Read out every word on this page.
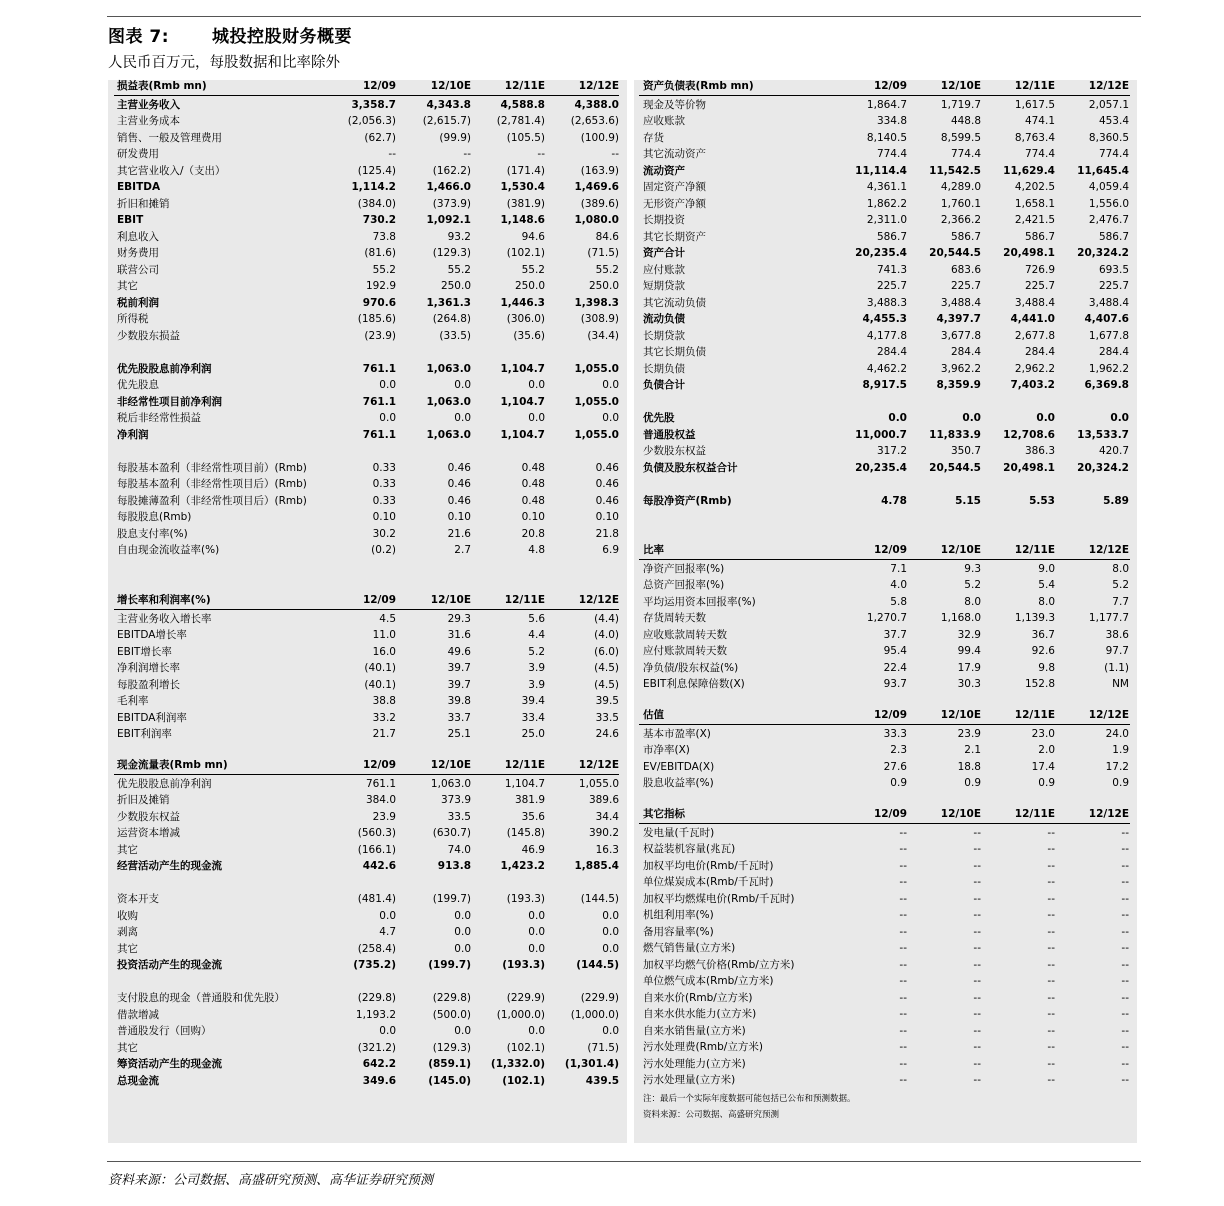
图表 7:	城投控股财务概要
人民币百万元，每股数据和比率除外
损益表(Rmb mn)	12/09	12/10E	12/11E	12/12E
主营业务收入	3,358.7	4,343.8	4,588.8	4,388.0
主营业务成本	(2,056.3)	(2,615.7)	(2,781.4)	(2,653.6)
销售、一般及管理费用	(62.7)	(99.9)	(105.5)	(100.9)
研发费用	--	--	--	--
其它营业收入/（支出）	(125.4)	(162.2)	(171.4)	(163.9)
EBITDA	1,114.2	1,466.0	1,530.4	1,469.6
折旧和摊销	(384.0)	(373.9)	(381.9)	(389.6)
EBIT	730.2	1,092.1	1,148.6	1,080.0
利息收入	73.8	93.2	94.6	84.6
财务费用	(81.6)	(129.3)	(102.1)	(71.5)
联营公司	55.2	55.2	55.2	55.2
其它	192.9	250.0	250.0	250.0
税前利润	970.6	1,361.3	1,446.3	1,398.3
所得税	(185.6)	(264.8)	(306.0)	(308.9)
少数股东损益	(23.9)	(33.5)	(35.6)	(34.4)
优先股股息前净利润	761.1	1,063.0	1,104.7	1,055.0
优先股息	0.0	0.0	0.0	0.0
非经常性项目前净利润	761.1	1,063.0	1,104.7	1,055.0
税后非经常性损益	0.0	0.0	0.0	0.0
净利润	761.1	1,063.0	1,104.7	1,055.0
每股基本盈利（非经常性项目前）(Rmb)	0.33	0.46	0.48	0.46
每股基本盈利（非经常性项目后）(Rmb)	0.33	0.46	0.48	0.46
每股摊薄盈利（非经常性项目后）(Rmb)	0.33	0.46	0.48	0.46
每股股息(Rmb)	0.10	0.10	0.10	0.10
股息支付率(%)	30.2	21.6	20.8	21.8
自由现金流收益率(%)	(0.2)	2.7	4.8	6.9
增长率和利润率(%)	12/09	12/10E	12/11E	12/12E
主营业务收入增长率	4.5	29.3	5.6	(4.4)
EBITDA增长率	11.0	31.6	4.4	(4.0)
EBIT增长率	16.0	49.6	5.2	(6.0)
净利润增长率	(40.1)	39.7	3.9	(4.5)
每股盈利增长	(40.1)	39.7	3.9	(4.5)
毛利率	38.8	39.8	39.4	39.5
EBITDA利润率	33.2	33.7	33.4	33.5
EBIT利润率	21.7	25.1	25.0	24.6
现金流量表(Rmb mn)	12/09	12/10E	12/11E	12/12E
优先股股息前净利润	761.1	1,063.0	1,104.7	1,055.0
折旧及摊销	384.0	373.9	381.9	389.6
少数股东权益	23.9	33.5	35.6	34.4
运营资本增减	(560.3)	(630.7)	(145.8)	390.2
其它	(166.1)	74.0	46.9	16.3
经营活动产生的现金流	442.6	913.8	1,423.2	1,885.4
资本开支	(481.4)	(199.7)	(193.3)	(144.5)
收购	0.0	0.0	0.0	0.0
剥离	4.7	0.0	0.0	0.0
其它	(258.4)	0.0	0.0	0.0
投资活动产生的现金流	(735.2)	(199.7)	(193.3)	(144.5)
支付股息的现金（普通股和优先股）	(229.8)	(229.8)	(229.9)	(229.9)
借款增减	1,193.2	(500.0)	(1,000.0)	(1,000.0)
普通股发行（回购）	0.0	0.0	0.0	0.0
其它	(321.2)	(129.3)	(102.1)	(71.5)
筹资活动产生的现金流	642.2	(859.1)	(1,332.0)	(1,301.4)
总现金流	349.6	(145.0)	(102.1)	439.5
资产负债表(Rmb mn)	12/09	12/10E	12/11E	12/12E
现金及等价物	1,864.7	1,719.7	1,617.5	2,057.1
应收账款	334.8	448.8	474.1	453.4
存货	8,140.5	8,599.5	8,763.4	8,360.5
其它流动资产	774.4	774.4	774.4	774.4
流动资产	11,114.4	11,542.5	11,629.4	11,645.4
固定资产净额	4,361.1	4,289.0	4,202.5	4,059.4
无形资产净额	1,862.2	1,760.1	1,658.1	1,556.0
长期投资	2,311.0	2,366.2	2,421.5	2,476.7
其它长期资产	586.7	586.7	586.7	586.7
资产合计	20,235.4	20,544.5	20,498.1	20,324.2
应付账款	741.3	683.6	726.9	693.5
短期贷款	225.7	225.7	225.7	225.7
其它流动负债	3,488.3	3,488.4	3,488.4	3,488.4
流动负债	4,455.3	4,397.7	4,441.0	4,407.6
长期贷款	4,177.8	3,677.8	2,677.8	1,677.8
其它长期负债	284.4	284.4	284.4	284.4
长期负债	4,462.2	3,962.2	2,962.2	1,962.2
负债合计	8,917.5	8,359.9	7,403.2	6,369.8
优先股	0.0	0.0	0.0	0.0
普通股权益	11,000.7	11,833.9	12,708.6	13,533.7
少数股东权益	317.2	350.7	386.3	420.7
负债及股东权益合计	20,235.4	20,544.5	20,498.1	20,324.2
每股净资产(Rmb)	4.78	5.15	5.53	5.89
比率	12/09	12/10E	12/11E	12/12E
净资产回报率(%)	7.1	9.3	9.0	8.0
总资产回报率(%)	4.0	5.2	5.4	5.2
平均运用资本回报率(%)	5.8	8.0	8.0	7.7
存货周转天数	1,270.7	1,168.0	1,139.3	1,177.7
应收账款周转天数	37.7	32.9	36.7	38.6
应付账款周转天数	95.4	99.4	92.6	97.7
净负债/股东权益(%)	22.4	17.9	9.8	(1.1)
EBIT利息保障倍数(X)	93.7	30.3	152.8	NM
估值	12/09	12/10E	12/11E	12/12E
基本市盈率(X)	33.3	23.9	23.0	24.0
市净率(X)	2.3	2.1	2.0	1.9
EV/EBITDA(X)	27.6	18.8	17.4	17.2
股息收益率(%)	0.9	0.9	0.9	0.9
其它指标	12/09	12/10E	12/11E	12/12E
发电量(千瓦时)	--	--	--	--
权益装机容量(兆瓦)	--	--	--	--
加权平均电价(Rmb/千瓦时)	--	--	--	--
单位煤炭成本(Rmb/千瓦时)	--	--	--	--
加权平均燃煤电价(Rmb/千瓦时)	--	--	--	--
机组利用率(%)	--	--	--	--
备用容量率(%)	--	--	--	--
燃气销售量(立方米)	--	--	--	--
加权平均燃气价格(Rmb/立方米)	--	--	--	--
单位燃气成本(Rmb/立方米)	--	--	--	--
自来水价(Rmb/立方米)	--	--	--	--
自来水供水能力(立方米)	--	--	--	--
自来水销售量(立方米)	--	--	--	--
污水处理费(Rmb/立方米)	--	--	--	--
污水处理能力(立方米)	--	--	--	--
污水处理量(立方米)	--	--	--	--
注：最后一个实际年度数据可能包括已公布和预测数据。
资料来源：公司数据、高盛研究预测
资料来源：公司数据、高盛研究预测、高华证券研究预测
